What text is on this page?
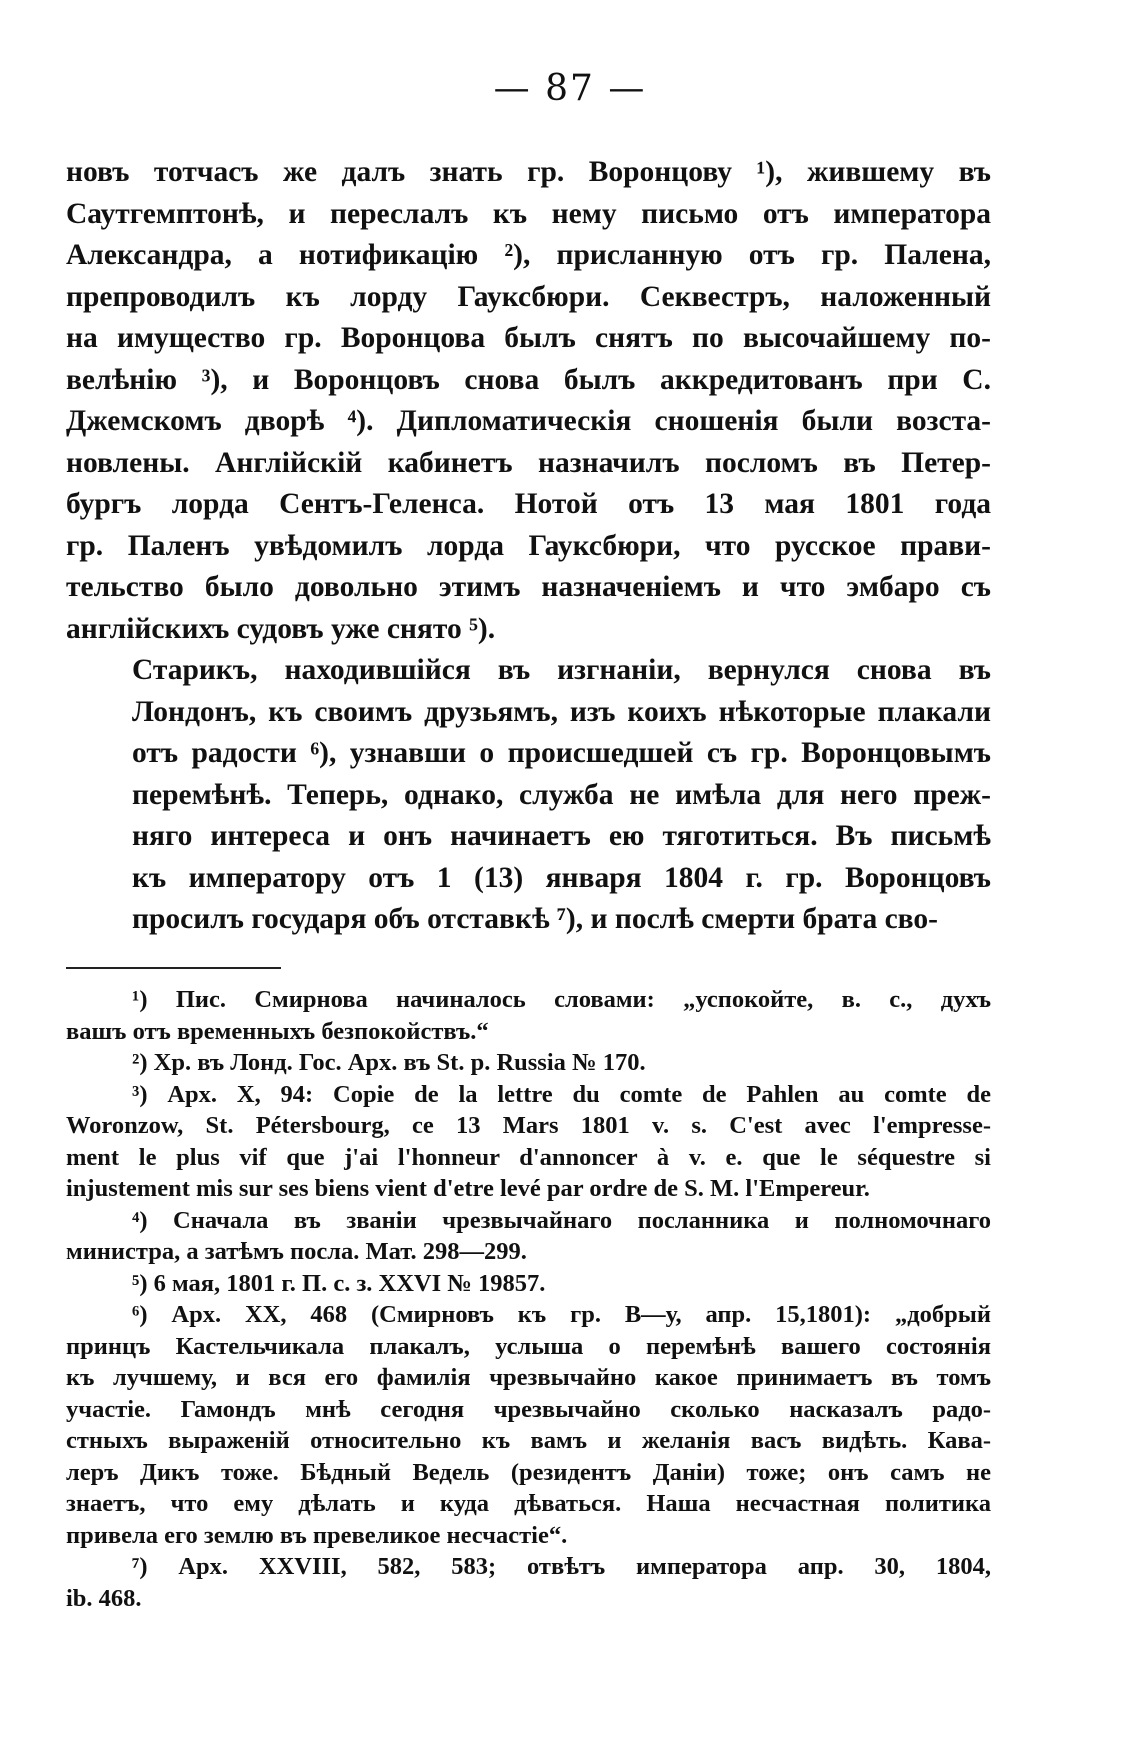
— 87 —

новъ тотчасъ же далъ знать гр. Воронцову ¹), жившему въ
Саутгемптонѣ, и переслалъ къ нему письмо отъ императора
Александра, а нотификацію ²), присланную отъ гр. Палена,
препроводилъ къ лорду Гауксбюри. Секвестръ, наложенный
на имущество гр. Воронцова былъ снятъ по высочайшему по-
велѣнію ³), и Воронцовъ снова былъ аккредитованъ при С.
Джемскомъ дворѣ ⁴). Дипломатическія сношенія были возста-
новлены. Англійскій кабинетъ назначилъ посломъ въ Петер-
бургъ лорда Сентъ-Геленса. Нотой отъ 13 мая 1801 года
гр. Паленъ увѣдомилъ лорда Гауксбюри, что русское прави-
тельство было довольно этимъ назначеніемъ и что эмбарo съ
англійскихъ судовъ уже снято ⁵).

Старикъ, находившійся въ изгнаніи, вернулся снова въ
Лондонъ, къ своимъ друзьямъ, изъ коихъ нѣкоторые плакали
отъ радости ⁶), узнавши о происшедшей съ гр. Воронцовымъ
перемѣнѣ. Теперь, однако, служба не имѣла для него преж-
няго интереса и онъ начинаетъ ею тяготиться. Въ письмѣ
къ императору отъ 1 (13) января 1804 г. гр. Воронцовъ
просилъ государя объ отставкѣ ⁷), и послѣ смерти брата сво-

¹) Пис. Смирнова начиналось словами: „успокойте, в. с., духъ
вашъ отъ временныхъ безпокойствъ.“
²) Хр. въ Лонд. Гос. Арх. въ St. p. Russia № 170.
³) Арх. X, 94: Copie de la lettre du comte de Pahlen au comte de
Woronzow, St. Pétersbourg, ce 13 Mars 1801 v. s. C'est avec l'empresse-
ment le plus vif que j'ai l'honneur d'annoncer à v. e. que le séquestre si
injustement mis sur ses biens vient d'etre levé par ordre de S. M. l'Empereur.
⁴) Сначала въ званіи чрезвычайнаго посланника и полномочнаго
министра, а затѣмъ посла. Мат. 298—299.
⁵) 6 мая, 1801 г. П. с. з. XXVI № 19857.
⁶) Арх. XX, 468 (Смирновъ къ гр. В—у, апр. 15,1801): „добрый
принцъ Кастельчикала плакалъ, услыша о перемѣнѣ вашего состоянія
къ лучшему, и вся его фамилія чрезвычайно какое принимаетъ въ томъ
участіе. Гамондъ мнѣ сегодня чрезвычайно сколько насказалъ радо-
стныхъ выраженій относительно къ вамъ и желанія васъ видѣть. Кава-
леръ Дикъ тоже. Бѣдный Ведель (резидентъ Даніи) тоже; онъ самъ не
знаетъ, что ему дѣлать и куда дѣваться. Наша несчастная политика
привела его землю въ превеликое несчастіе“.
⁷) Арх. XXVIII, 582, 583; отвѣтъ императора апр. 30, 1804,
ib. 468.
